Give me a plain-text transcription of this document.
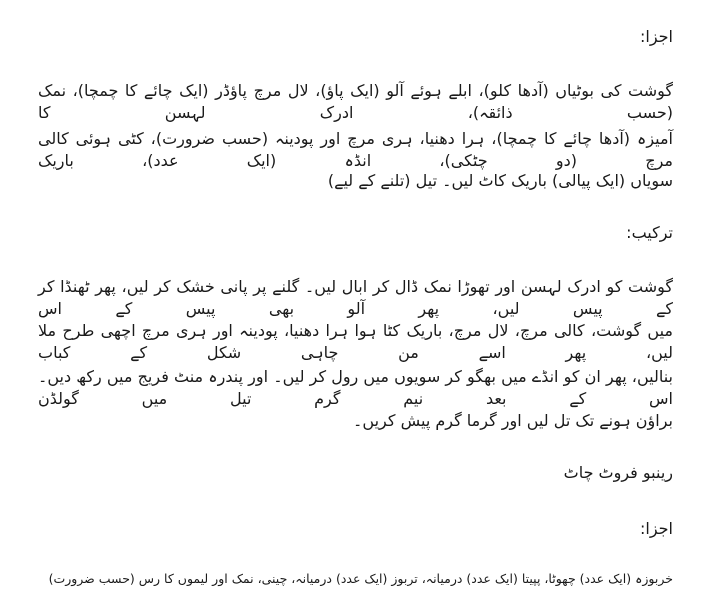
اجزا:
گوشت کی بوٹیاں (آدھا کلو)، ابلے ہوئے آلو (ایک پاؤ)، لال مرچ پاؤڈر (ایک چائے کا چمچا)، نمک (حسب ذائقہ)، ادرک لہسن کا
آمیزہ (آدھا چائے کا چمچا)، ہرا دھنیا، ہری مرچ اور پودینہ (حسب ضرورت)، کٹی ہوئی کالی مرچ (دو چٹکی)، انڈہ (ایک عدد)، باریک
سویاں (ایک پیالی) باریک کاٹ لیں۔ تیل (تلنے کے لیے)
ترکیب:
گوشت کو ادرک لہسن اور تھوڑا نمک ڈال کر ابال لیں۔ گلنے پر پانی خشک کر لیں، پھر ٹھنڈا کر کے پیس لیں، پھر آلو بھی پیس کے اس
میں گوشت، کالی مرچ، لال مرچ، باریک کٹا ہوا ہرا دھنیا، پودینہ اور ہری مرچ اچھی طرح ملا لیں، پھر اسے من چاہی شکل کے کباب
بنالیں، پھر ان کو انڈے میں بھگو کر سویوں میں رول کر لیں۔ اور پندرہ منٹ فریج میں رکھ دیں۔ اس کے بعد نیم گرم تیل میں گولڈن
براؤن ہونے تک تل لیں اور گرما گرم پیش کریں۔
رینبو فروٹ چاٹ
اجزا:
خربوزہ (ایک عدد) چھوٹا، پپیتا (ایک عدد) درمیانہ، تربوز (ایک عدد) درمیانہ، چینی، نمک اور لیموں کا رس (حسب ضرورت)
